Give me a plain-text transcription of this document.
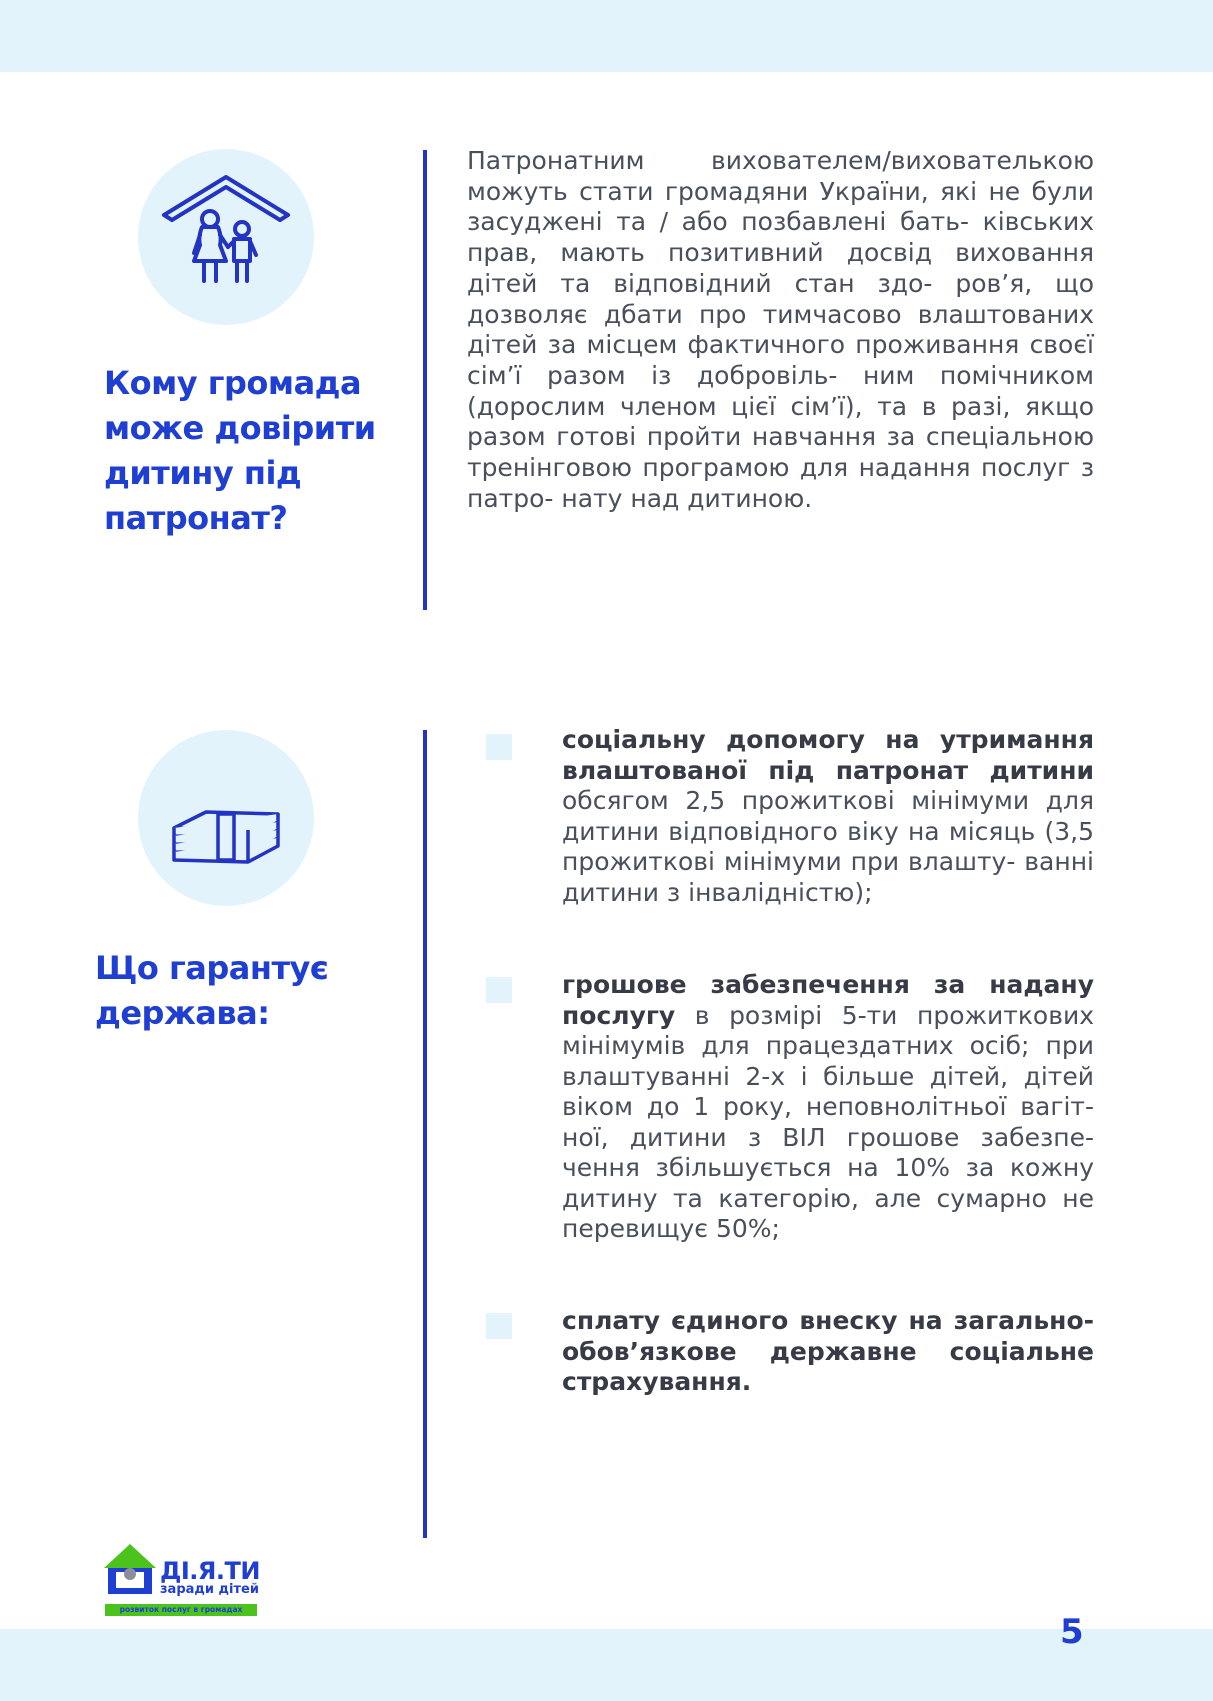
Кому громада
може довірити
дитину під
патронат?

Патронатним вихователем/вихователькою можуть стати громадяни України, які не були засуджені та / або позбавлені бать- ківських прав, мають позитивний досвід виховання дітей та відповідний стан здо- ров’я, що дозволяє дбати про тимчасово влаштованих дітей за місцем фактичного проживання своєї сім’ї разом із добровіль- ним помічником (дорослим членом цієї сім’ї), та в разі, якщо разом готові пройти навчання за спеціальною тренінговою програмою для надання послуг з патро- нату над дитиною.

Що гарантує
держава:

соціальну допомогу на утримання влаштованої під патронат дитини обсягом 2,5 прожиткові мінімуми для дитини відповідного віку на місяць (3,5 прожиткові мінімуми при влашту- ванні дитини з інвалідністю);

грошове забезпечення за надану послугу в розмірі 5-ти прожиткових мінімумів для працездатних осіб; при влаштуванні 2-х і більше дітей, дітей віком до 1 року, неповнолітньої вагіт- ної, дитини з ВІЛ грошове забезпе- чення збільшується на 10% за кожну дитину та категорію, але сумарно не перевищує 50%;

сплату єдиного внеску на загально- обов’язкове державне соціальне страхування.

ДІ.Я.ТИ

заради дітей

розвиток послуг в громадах

5
